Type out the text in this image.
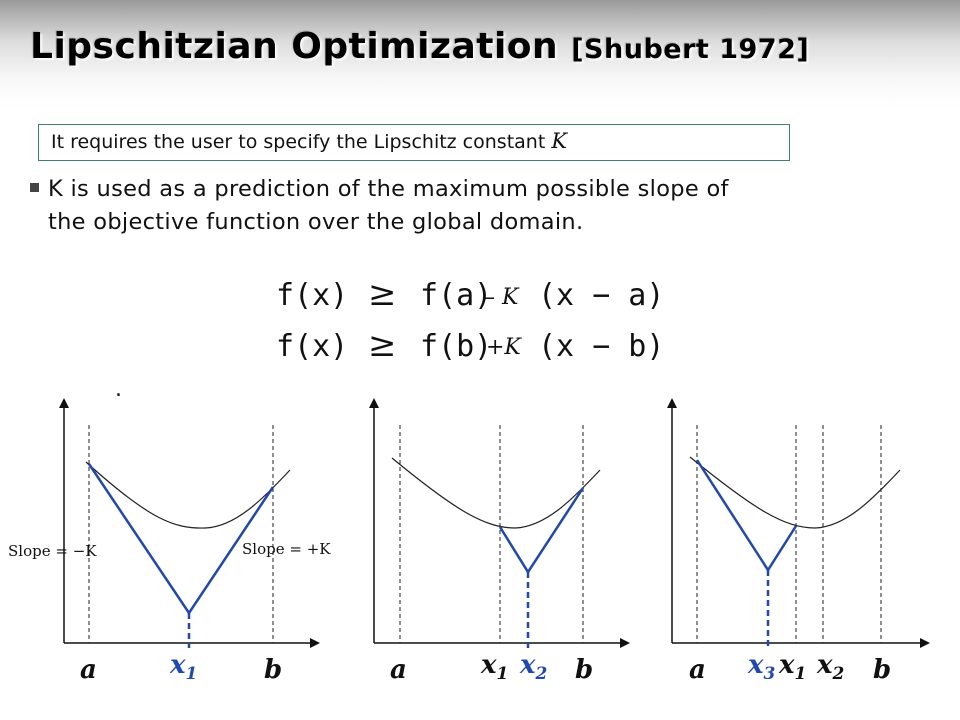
Lipschitzian Optimization [Shubert 1972]
It requires the user to specify the Lipschitz constant K
K is used as a prediction of the maximum possible slope of
the objective function over the global domain.
f(x) ≥ f(a) (x − a)
f(x) ≥ f(b) (x − b)
– K
+K
.
Slope = −K	Slope = +K
a	b
$x_1$	a	b
$x_1$ $x_2$	a	b
$x_1$ $x_2$
$x_3$
